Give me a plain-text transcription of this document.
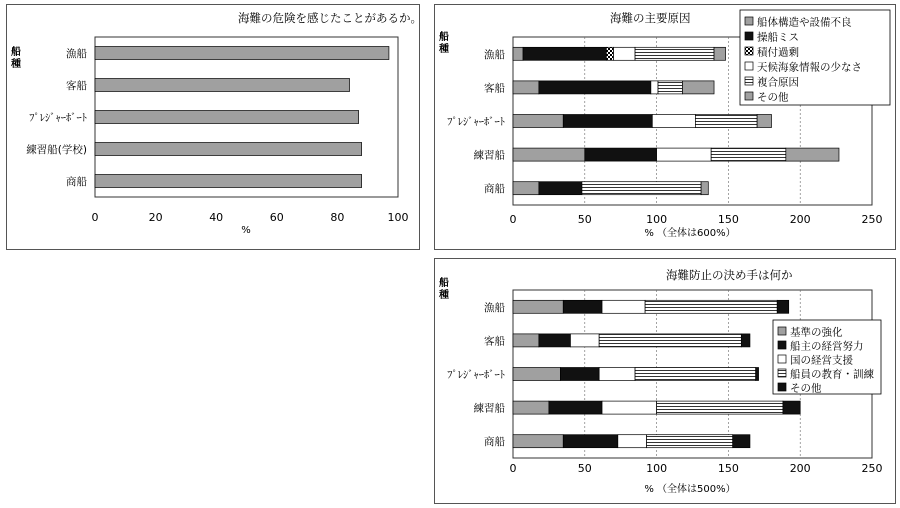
0	20	40	60	80	100
海難の危険を感じたことがあるか。
%
船
種
漁船
客船
ﾌﾟﾚｼﾞｬｰﾎﾞｰﾄ
練習船(学校)
商船
0	50	100	150	200	250
海難の主要原因
% （全体は600%）
船
種	漁船
客船
ﾌﾟﾚｼﾞｬｰﾎﾞｰﾄ
練習船
商船
船体構造や設備不良
操船ミス
積付過剰
天候海象情報の少なさ
複合原因
その他
0	50	100	150	200	250
海難防止の決め手は何か
% （全体は500%）
船
種
漁船
客船
ﾌﾟﾚｼﾞｬｰﾎﾞｰﾄ
練習船
商船
基準の強化
船主の経営努力
国の経営支援
船員の教育・訓練
その他
